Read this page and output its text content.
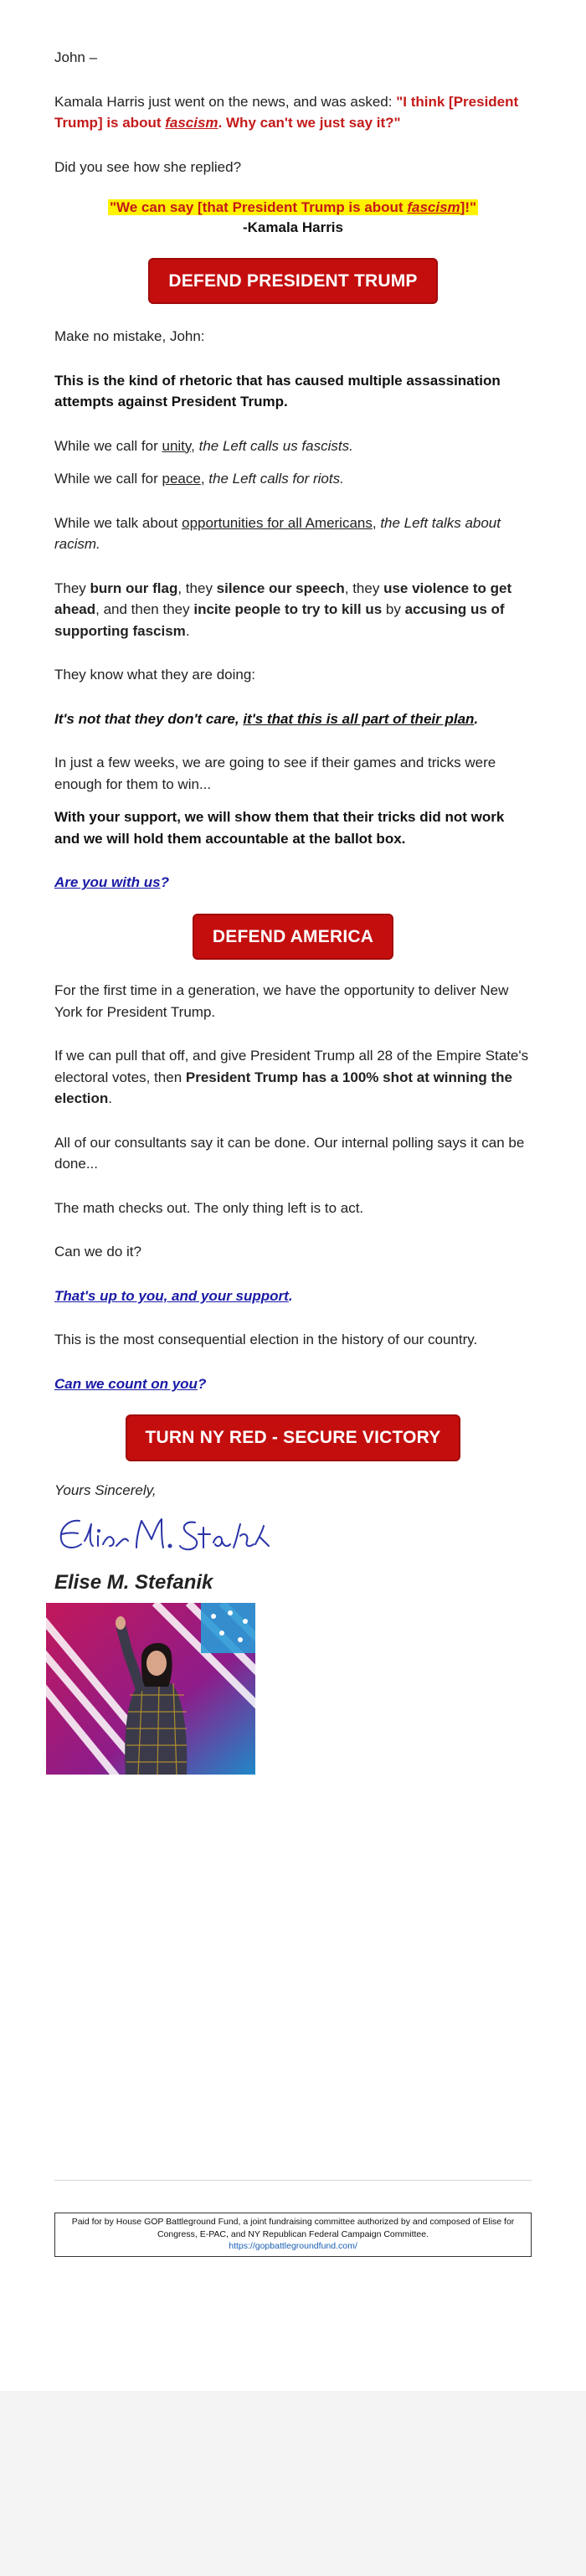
John –

Kamala Harris just went on the news, and was asked: "I think [President Trump] is about fascism. Why can't we just say it?"

Did you see how she replied?

"We can say [that President Trump is about fascism]!"
-Kamala Harris
DEFEND PRESIDENT TRUMP

Make no mistake, John:

This is the kind of rhetoric that has caused multiple assassination attempts against President Trump.

While we call for unity, the Left calls us fascists.

While we call for peace, the Left calls for riots.

While we talk about opportunities for all Americans, the Left talks about racism.

They burn our flag, they silence our speech, they use violence to get ahead, and then they incite people to try to kill us by accusing us of supporting fascism.

They know what they are doing:

It's not that they don't care, it's that this is all part of their plan.

In just a few weeks, we are going to see if their games and tricks were enough for them to win...

With your support, we will show them that their tricks did not work and we will hold them accountable at the ballot box.

Are you with us?

DEFEND AMERICA

For the first time in a generation, we have the opportunity to deliver New York for President Trump.

If we can pull that off, and give President Trump all 28 of the Empire State's electoral votes, then President Trump has a 100% shot at winning the election.

All of our consultants say it can be done. Our internal polling says it can be done...

The math checks out. The only thing left is to act.

Can we do it?

That's up to you, and your support.

This is the most consequential election in the history of our country.

Can we count on you?

TURN NY RED - SECURE VICTORY

Yours Sincerely,

Elise M. Stefanik

Paid for by House GOP Battleground Fund, a joint fundraising committee authorized by and composed of Elise for Congress, E-PAC, and NY Republican Federal Campaign Committee.
https://gopbattlegroundfund.com/
